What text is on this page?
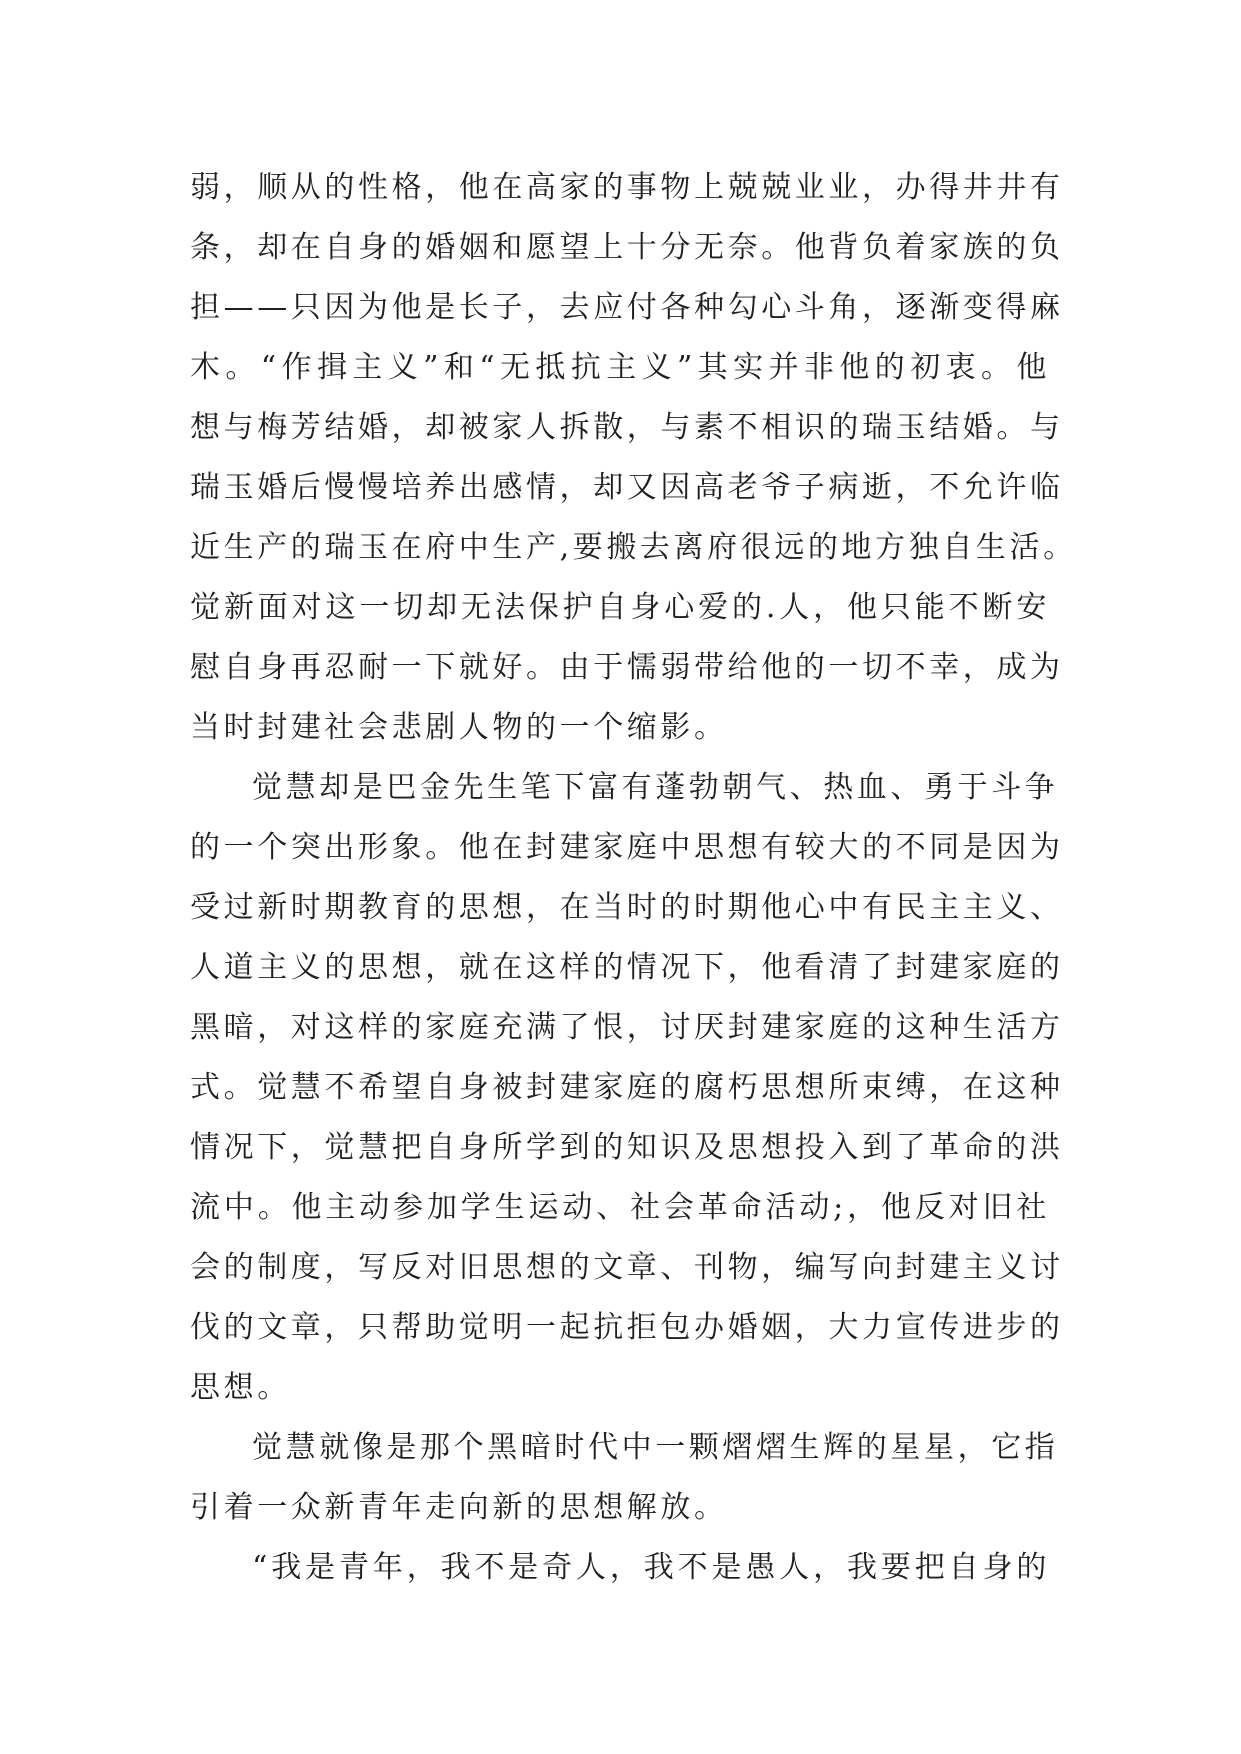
弱，顺从的性格，他在高家的事物上兢兢业业，办得井井有
条，却在自身的婚姻和愿望上十分无奈。他背负着家族的负
担——只因为他是长子，去应付各种勾心斗角，逐渐变得麻
木。“作揖主义”和“无抵抗主义”其实并非他的初衷。他
想与梅芳结婚，却被家人拆散，与素不相识的瑞玉结婚。与
瑞玉婚后慢慢培养出感情，却又因高老爷子病逝，不允许临
近生产的瑞玉在府中生产,要搬去离府很远的地方独自生活。
觉新面对这一切却无法保护自身心爱的.人，他只能不断安
慰自身再忍耐一下就好。由于懦弱带给他的一切不幸，成为
当时封建社会悲剧人物的一个缩影。
觉慧却是巴金先生笔下富有蓬勃朝气、热血、勇于斗争
的一个突出形象。他在封建家庭中思想有较大的不同是因为
受过新时期教育的思想，在当时的时期他心中有民主主义、
人道主义的思想，就在这样的情况下，他看清了封建家庭的
黑暗，对这样的家庭充满了恨，讨厌封建家庭的这种生活方
式。觉慧不希望自身被封建家庭的腐朽思想所束缚，在这种
情况下，觉慧把自身所学到的知识及思想投入到了革命的洪
流中。他主动参加学生运动、社会革命活动;，他反对旧社
会的制度，写反对旧思想的文章、刊物，编写向封建主义讨
伐的文章，只帮助觉明一起抗拒包办婚姻，大力宣传进步的
思想。
觉慧就像是那个黑暗时代中一颗熠熠生辉的星星，它指
引着一众新青年走向新的思想解放。
“我是青年，我不是奇人，我不是愚人，我要把自身的
